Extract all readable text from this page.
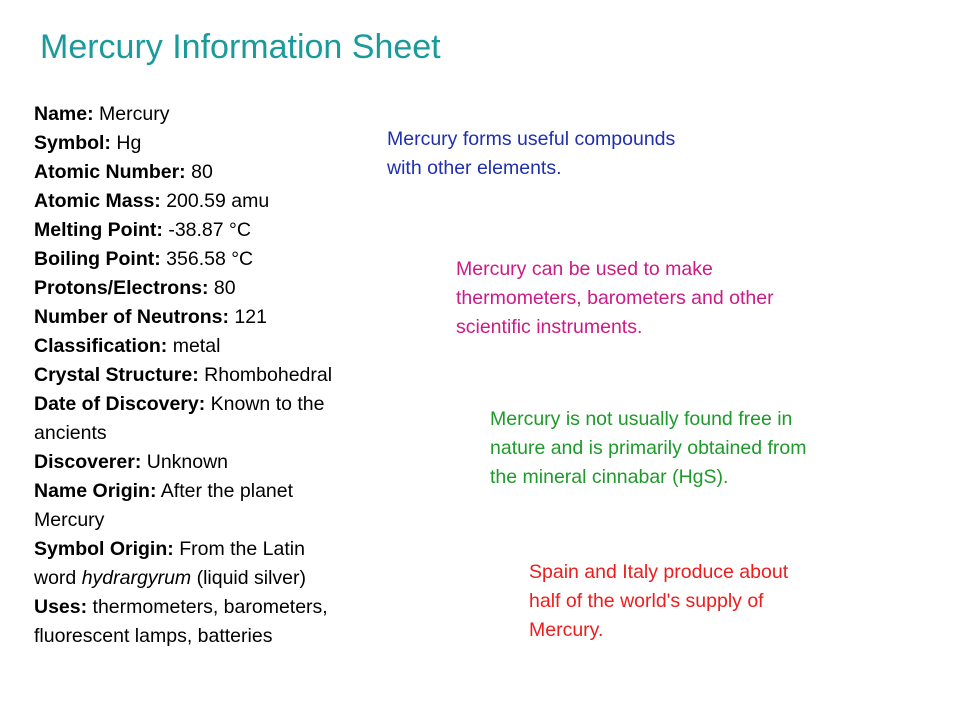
Mercury Information Sheet
Name: Mercury
Symbol: Hg
Atomic Number: 80
Atomic Mass: 200.59 amu
Melting Point: -38.87 °C
Boiling Point: 356.58 °C
Protons/Electrons: 80
Number of Neutrons: 121
Classification: metal
Crystal Structure: Rhombohedral
Date of Discovery: Known to the
ancients
Discoverer: Unknown
Name Origin: After the planet
Mercury
Symbol Origin: From the Latin
word hydrargyrum (liquid silver)
Uses: thermometers, barometers,
fluorescent lamps, batteries
Mercury forms useful compounds
with other elements.
Mercury can be used to make
thermometers, barometers and other
scientific instruments.
Mercury is not usually found free in
nature and is primarily obtained from
the mineral cinnabar (HgS).
Spain and Italy produce about
half of the world's supply of
Mercury.
